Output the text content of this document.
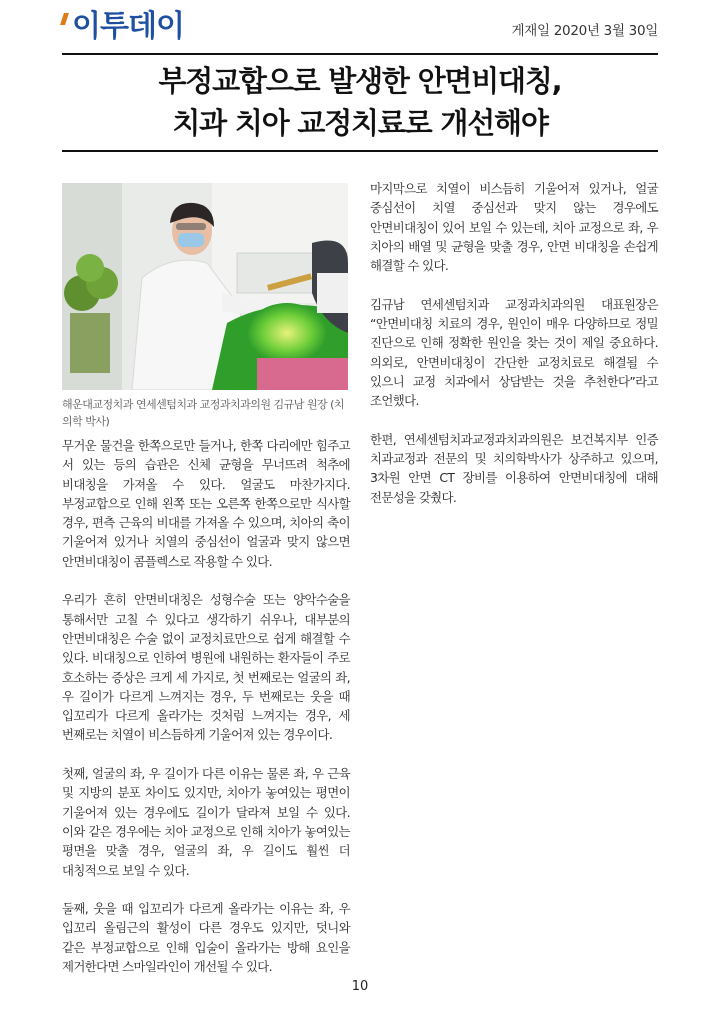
이투데이	게재일 2020년 3월 30일
부정교합으로 발생한 안면비대칭,
치과 치아 교정치료로 개선해야
해운대교정치과 연세센텀치과 교정과치과의원 김규남 원장 (치의학 박사)

무거운 물건을 한쪽으로만 들거나, 한쪽 다리에만 힘주고 서 있는 등의 습관은 신체 균형을 무너뜨려 척추에 비대칭을 가져올 수 있다. 얼굴도 마찬가지다. 부정교합으로 인해 왼쪽 또는 오른쪽 한쪽으로만 식사할 경우, 편측 근육의 비대를 가져올 수 있으며, 치아의 축이 기울어져 있거나 치열의 중심선이 얼굴과 맞지 않으면 안면비대칭이 콤플렉스로 작용할 수 있다.

우리가 흔히 안면비대칭은 성형수술 또는 양악수술을 통해서만 고칠 수 있다고 생각하기 쉬우나, 대부분의 안면비대칭은 수술 없이 교정치료만으로 쉽게 해결할 수 있다. 비대칭으로 인하여 병원에 내원하는 환자들이 주로 호소하는 증상은 크게 세 가지로, 첫 번째로는 얼굴의 좌, 우 길이가 다르게 느껴지는 경우, 두 번째로는 웃을 때 입꼬리가 다르게 올라가는 것처럼 느껴지는 경우, 세 번째로는 치열이 비스듬하게 기울어져 있는 경우이다.

첫째, 얼굴의 좌, 우 길이가 다른 이유는 물론 좌, 우 근육 및 지방의 분포 차이도 있지만, 치아가 놓여있는 평면이 기울어져 있는 경우에도 길이가 달라져 보일 수 있다. 이와 같은 경우에는 치아 교정으로 인해 치아가 놓여있는 평면을 맞출 경우, 얼굴의 좌, 우 길이도 훨씬 더 대칭적으로 보일 수 있다.

둘째, 웃을 때 입꼬리가 다르게 올라가는 이유는 좌, 우 입꼬리 올림근의 활성이 다른 경우도 있지만, 덧니와 같은 부정교합으로 인해 입술이 올라가는 방해 요인을 제거한다면 스마일라인이 개선될 수 있다.

마지막으로 치열이 비스듬히 기울어져 있거나, 얼굴 중심선이 치열 중심선과 맞지 않는 경우에도 안면비대칭이 있어 보일 수 있는데, 치아 교정으로 좌, 우 치아의 배열 및 균형을 맞출 경우, 안면 비대칭을 손쉽게 해결할 수 있다.

김규남 연세센텀치과 교정과치과의원 대표원장은 “안면비대칭 치료의 경우, 원인이 매우 다양하므로 정밀 진단으로 인해 정확한 원인을 찾는 것이 제일 중요하다. 의외로, 안면비대칭이 간단한 교정치료로 해결될 수 있으니 교정 치과에서 상담받는 것을 추천한다”라고 조언했다.

한편, 연세센텀치과교정과치과의원은 보건복지부 인증 치과교정과 전문의 및 치의학박사가 상주하고 있으며, 3차원 안면 CT 장비를 이용하여 안면비대칭에 대해 전문성을 갖췄다.

10
